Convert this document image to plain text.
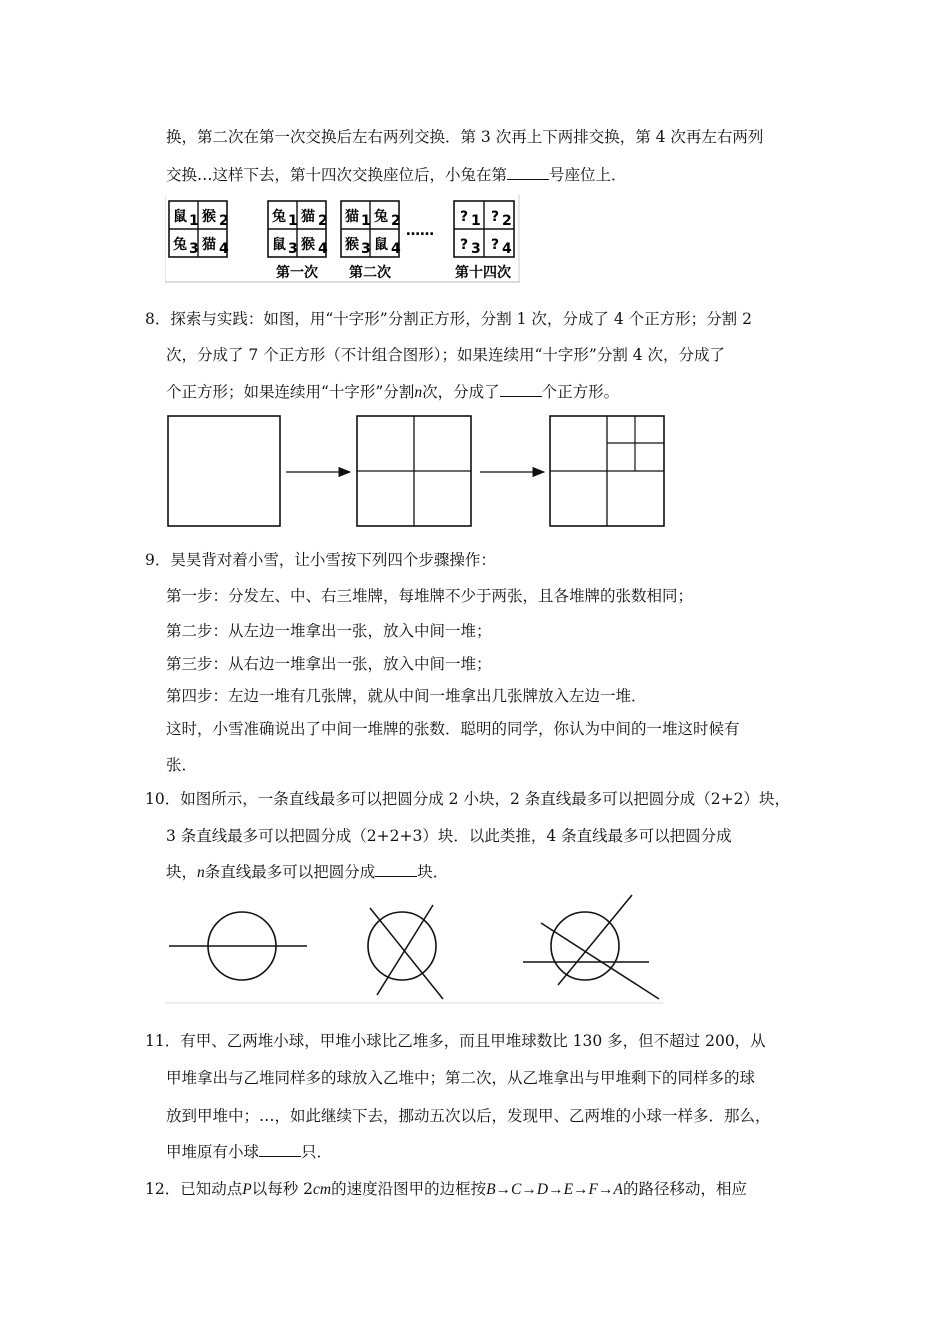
换，第二次在第一次交换后左右两列交换．第 3 次再上下两排交换，第 4 次再左右两列
交换…这样下去，第十四次交换座位后，小兔在第	号座位上．
鼠 1 猴 2
兔 3 猫 4
兔 1 猫 2
鼠 3 猴 4
第一次
猫 1 兔 2
猴 3 鼠 4
第二次
……
? 1 ? 2
? 3 ? 4
第十四次
8．探索与实践：如图，用“十字形”分割正方形，分割 1 次，分成了 4 个正方形；分割 2
次，分成了 7 个正方形（不计组合图形）；如果连续用“十字形”分割 4 次，分成了
个正方形；如果连续用“十字形”分割n次，分成了	个正方形。
9．昊昊背对着小雪，让小雪按下列四个步骤操作：
第一步：分发左、中、右三堆牌，每堆牌不少于两张，且各堆牌的张数相同；
第二步：从左边一堆拿出一张，放入中间一堆；
第三步：从右边一堆拿出一张，放入中间一堆；
第四步：左边一堆有几张牌，就从中间一堆拿出几张牌放入左边一堆．
这时，小雪准确说出了中间一堆牌的张数．聪明的同学，你认为中间的一堆这时候有
张．
10．如图所示，一条直线最多可以把圆分成 2 小块，2 条直线最多可以把圆分成（2+2）块，
3 条直线最多可以把圆分成（2+2+3）块．以此类推，4 条直线最多可以把圆分成
块，n条直线最多可以把圆分成	块．
11．有甲、乙两堆小球，甲堆小球比乙堆多，而且甲堆球数比 130 多，但不超过 200，从
甲堆拿出与乙堆同样多的球放入乙堆中；第二次，从乙堆拿出与甲堆剩下的同样多的球
放到甲堆中；…，如此继续下去，挪动五次以后，发现甲、乙两堆的小球一样多．那么，
甲堆原有小球	只．
12．已知动点P以每秒 2cm的速度沿图甲的边框按B→C→D→E→F→A的路径移动，相应
